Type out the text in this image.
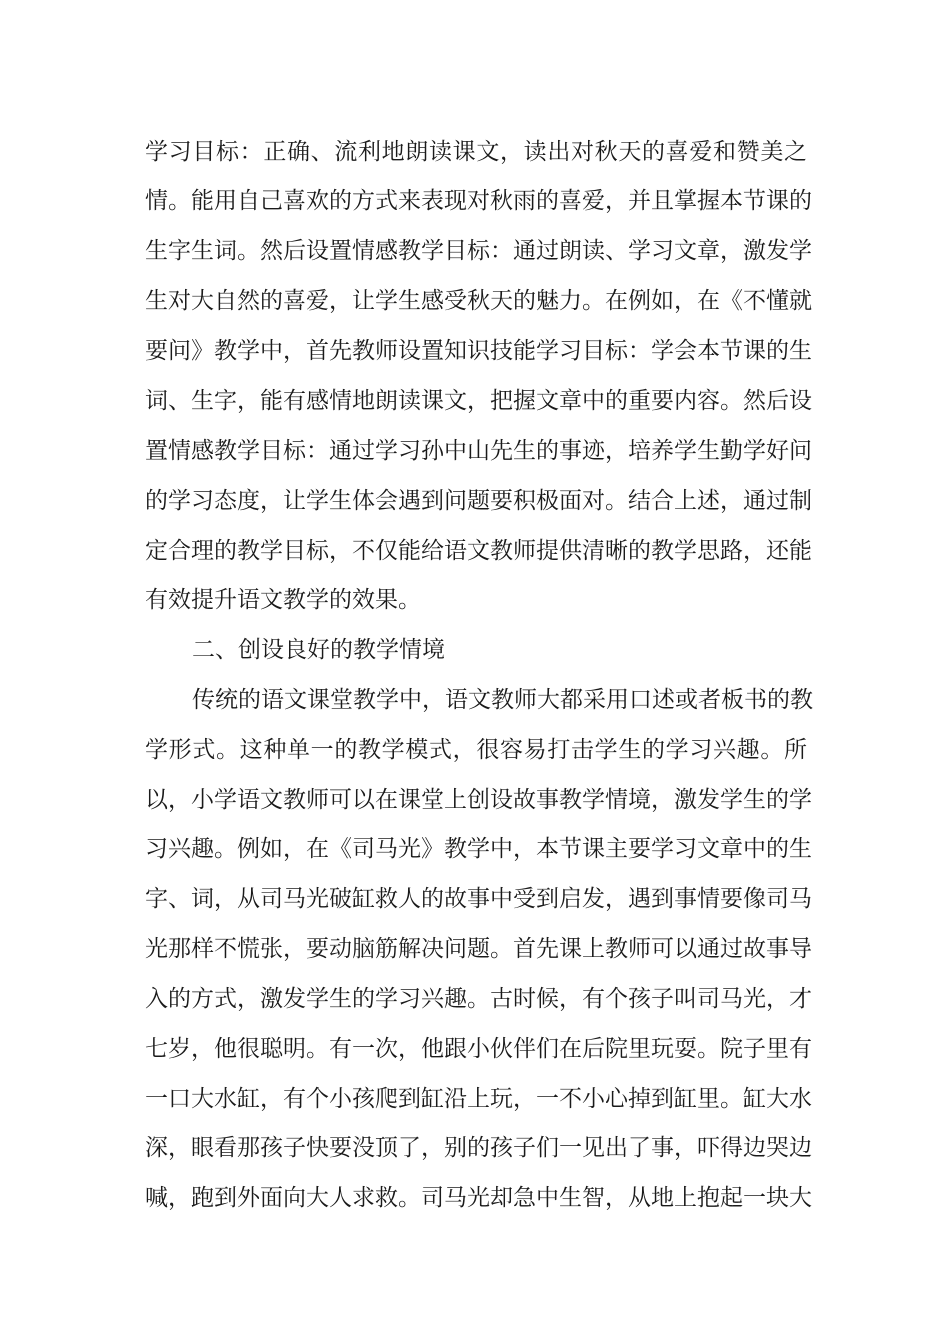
学习目标：正确、流利地朗读课文，读出对秋天的喜爱和赞美之
情。能用自己喜欢的方式来表现对秋雨的喜爱，并且掌握本节课的
生字生词。然后设置情感教学目标：通过朗读、学习文章，激发学
生对大自然的喜爱，让学生感受秋天的魅力。在例如，在《不懂就
要问》教学中，首先教师设置知识技能学习目标：学会本节课的生
词、生字，能有感情地朗读课文，把握文章中的重要内容。然后设
置情感教学目标：通过学习孙中山先生的事迹，培养学生勤学好问
的学习态度，让学生体会遇到问题要积极面对。结合上述，通过制
定合理的教学目标，不仅能给语文教师提供清晰的教学思路，还能
有效提升语文教学的效果。
二、创设良好的教学情境
传统的语文课堂教学中，语文教师大都采用口述或者板书的教
学形式。这种单一的教学模式，很容易打击学生的学习兴趣。所
以，小学语文教师可以在课堂上创设故事教学情境，激发学生的学
习兴趣。例如，在《司马光》教学中，本节课主要学习文章中的生
字、词，从司马光破缸救人的故事中受到启发，遇到事情要像司马
光那样不慌张，要动脑筋解决问题。首先课上教师可以通过故事导
入的方式，激发学生的学习兴趣。古时候，有个孩子叫司马光，才
七岁，他很聪明。有一次，他跟小伙伴们在后院里玩耍。院子里有
一口大水缸，有个小孩爬到缸沿上玩，一不小心掉到缸里。缸大水
深，眼看那孩子快要没顶了，别的孩子们一见出了事，吓得边哭边
喊，跑到外面向大人求救。司马光却急中生智，从地上抱起一块大
